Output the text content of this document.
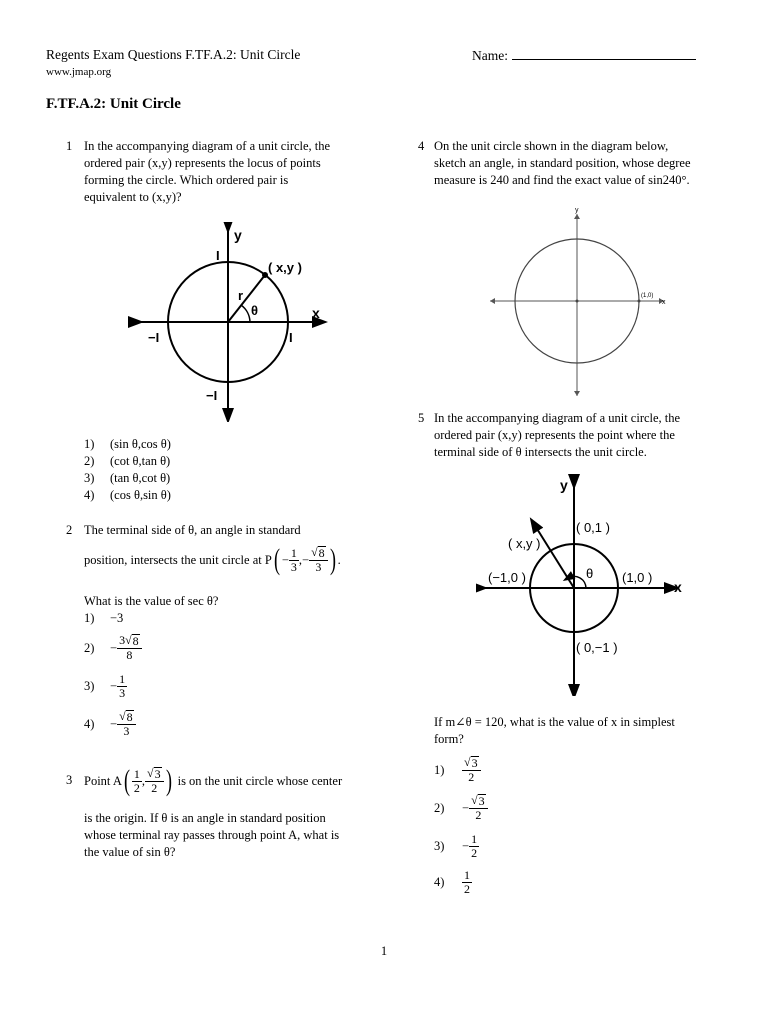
Regents Exam Questions F.TF.A.2: Unit Circle	Name:
www.jmap.org
F.TF.A.2: Unit Circle
1 In the accompanying diagram of a unit circle, the
ordered pair (x,y) represents the locus of points
forming the circle. Which ordered pair is
equivalent to (x,y)?
y
x
r
θ
( x,y )
−I	I
I
−I
1) (sin θ,cos θ)
2) (cot θ,tan θ)
3) (tan θ,cot θ)
4) (cos θ,sin θ)
2 The terminal side of θ, an angle in standard
position, intersects the unit circle at P ( − $\frac{1}{3}$ ,− $\frac{√ 8}{3}$ ) .
What is the value of sec θ?
1) −3
2)	− $\frac{3 √ 8}{8}$
3)	− $\frac{1}{3}$
4)	− $\frac{√ 8}{3}$
3 Point A ( $\frac{1}{2}$ , $\frac{√ 3}{2}$ ) is on the unit circle whose center
is the origin. If θ is an angle in standard position
whose terminal ray passes through point A, what is
the value of sin θ?
4 On the unit circle shown in the diagram below,
sketch an angle, in standard position, whose degree
measure is 240 and find the exact value of sin240°.
y
x
(1,0)
5 In the accompanying diagram of a unit circle, the
ordered pair (x,y) represents the point where the
terminal side of θ intersects the unit circle.
y
x
θ
( x,y )
( 0,1 )
(−1,0 )	(1,0 )
( 0,−1 )
If m∠θ = 120, what is the value of x in simplest
form?
1)	$\frac{√ 3}{2}$
2)	− $\frac{√ 3}{2}$
3)	− $\frac{1}{2}$
4)	$\frac{1}{2}$
1
